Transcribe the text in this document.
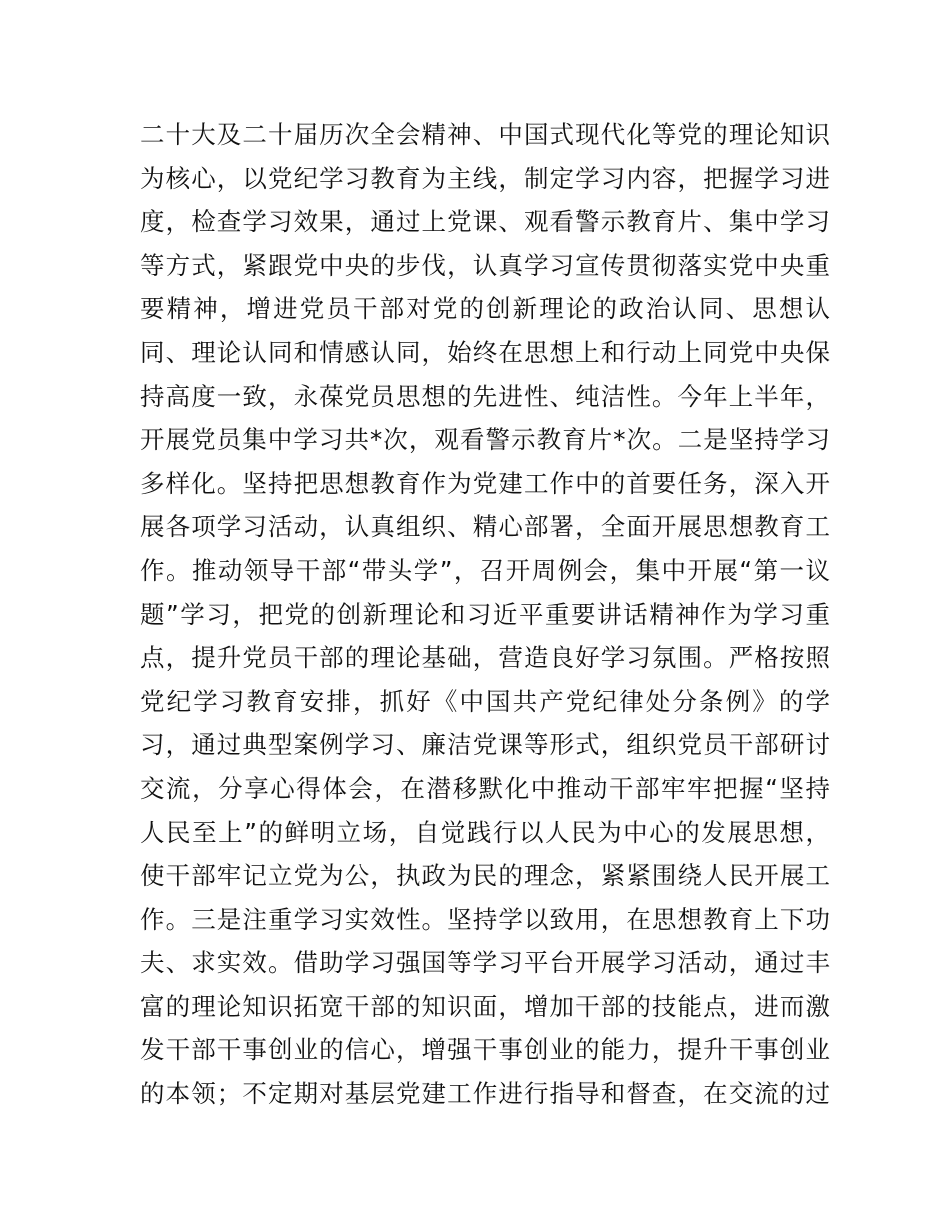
二十大及二十届历次全会精神、中国式现代化等党的理论知识
为核心，以党纪学习教育为主线，制定学习内容，把握学习进
度，检查学习效果，通过上党课、观看警示教育片、集中学习
等方式，紧跟党中央的步伐，认真学习宣传贯彻落实党中央重
要精神，增进党员干部对党的创新理论的政治认同、思想认
同、理论认同和情感认同，始终在思想上和行动上同党中央保
持高度一致，永葆党员思想的先进性、纯洁性。今年上半年，
开展党员集中学习共*次，观看警示教育片*次。二是坚持学习
多样化。坚持把思想教育作为党建工作中的首要任务，深入开
展各项学习活动，认真组织、精心部署，全面开展思想教育工
作。推动领导干部“带头学”，召开周例会，集中开展“第一议
题”学习，把党的创新理论和习近平重要讲话精神作为学习重
点，提升党员干部的理论基础，营造良好学习氛围。严格按照
党纪学习教育安排，抓好《中国共产党纪律处分条例》的学
习，通过典型案例学习、廉洁党课等形式，组织党员干部研讨
交流，分享心得体会，在潜移默化中推动干部牢牢把握“坚持
人民至上”的鲜明立场，自觉践行以人民为中心的发展思想，
使干部牢记立党为公，执政为民的理念，紧紧围绕人民开展工
作。三是注重学习实效性。坚持学以致用，在思想教育上下功
夫、求实效。借助学习强国等学习平台开展学习活动，通过丰
富的理论知识拓宽干部的知识面，增加干部的技能点，进而激
发干部干事创业的信心，增强干事创业的能力，提升干事创业
的本领；不定期对基层党建工作进行指导和督查，在交流的过
